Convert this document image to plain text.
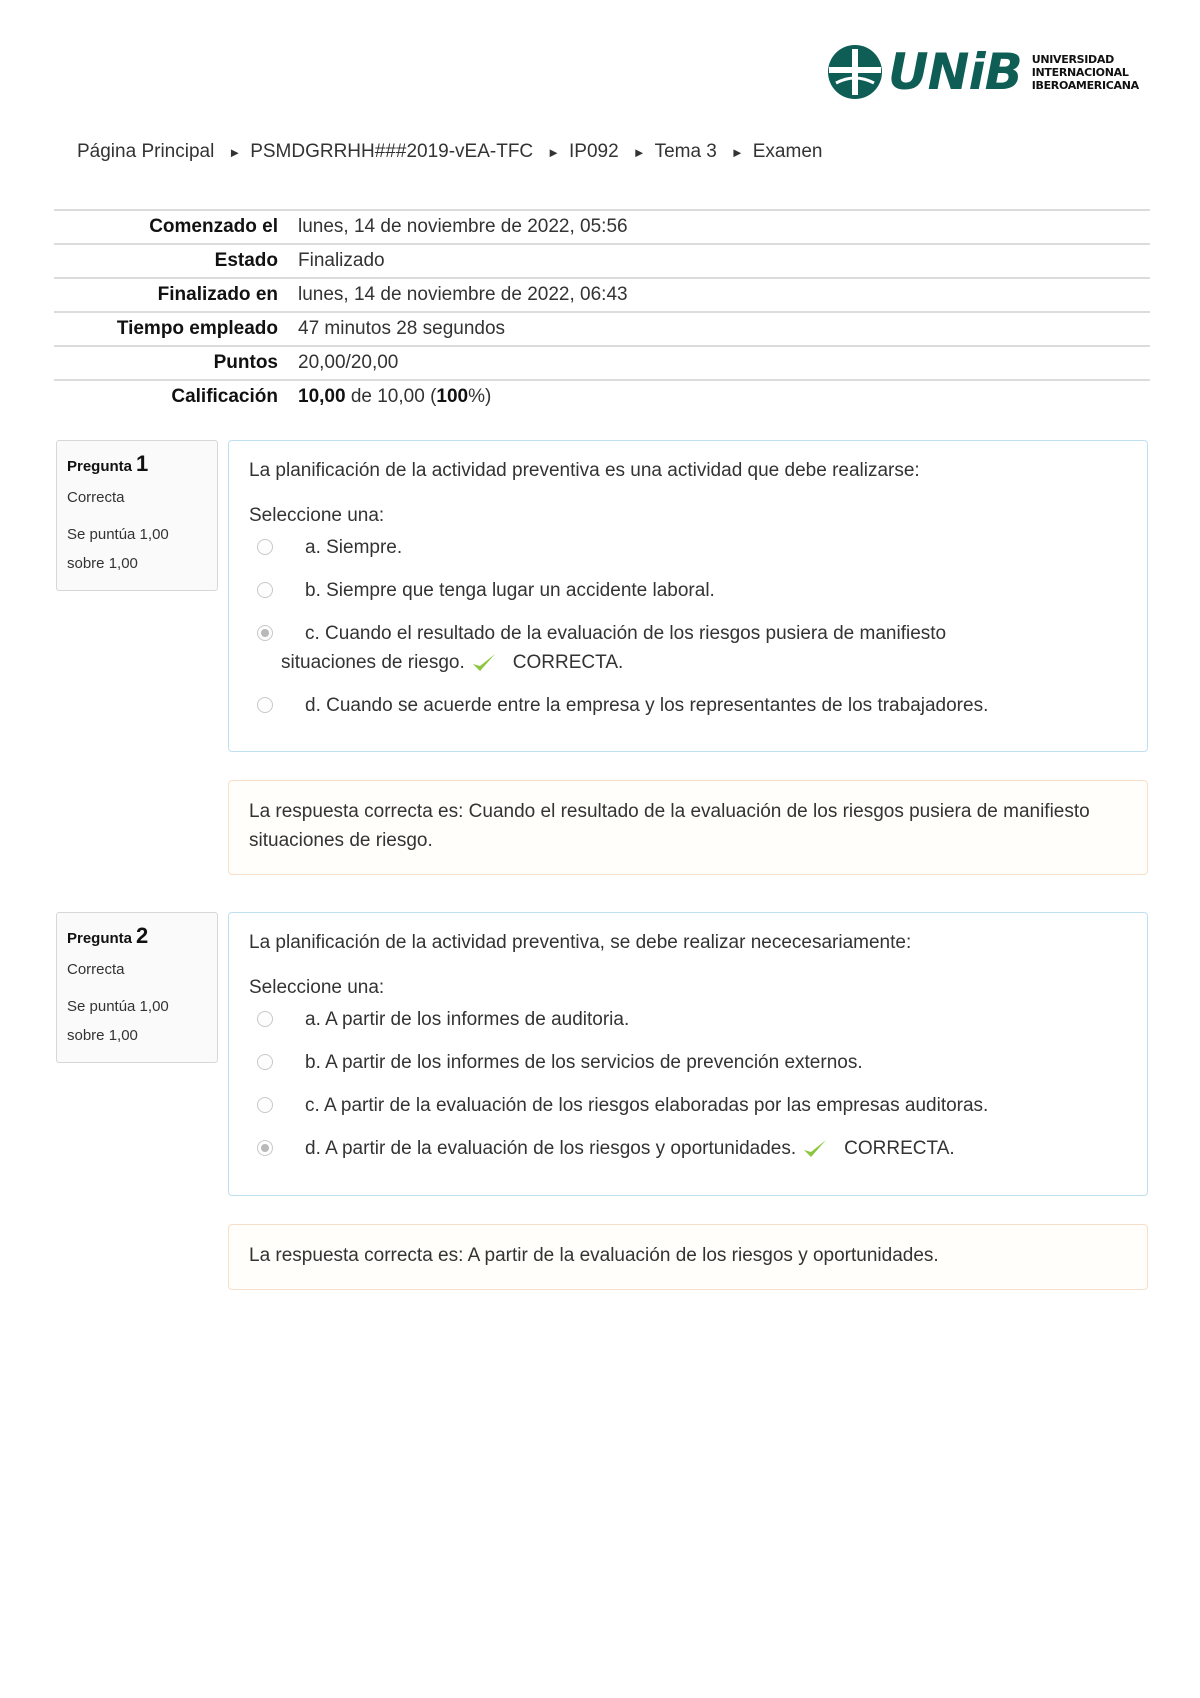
UNiB UNIVERSIDAD
INTERNACIONAL
IBEROAMERICANA
Página Principal ► PSMDGRRHH###2019-vEA-TFC ► IP092 ► Tema 3 ► Examen
Comenzado el	lunes, 14 de noviembre de 2022, 05:56
Estado	Finalizado
Finalizado en	lunes, 14 de noviembre de 2022, 06:43
Tiempo empleado	47 minutos 28 segundos
Puntos	20,00/20,00
Calificación	10,00 de 10,00 (100%)
Pregunta 1
Correcta
Se puntúa 1,00 sobre 1,00
La planificación de la actividad preventiva es una actividad que debe realizarse:
Seleccione una:
a. Siempre.
b. Siempre que tenga lugar un accidente laboral.
c. Cuando el resultado de la evaluación de los riesgos pusiera de manifiesto
situaciones de riesgo.	CORRECTA.
d. Cuando se acuerde entre la empresa y los representantes de los trabajadores.
La respuesta correcta es: Cuando el resultado de la evaluación de los riesgos pusiera de manifiesto situaciones de riesgo.
Pregunta 2
Correcta
Se puntúa 1,00 sobre 1,00
La planificación de la actividad preventiva, se debe realizar nececesariamente:
Seleccione una:
a. A partir de los informes de auditoria.
b. A partir de los informes de los servicios de prevención externos.
c. A partir de la evaluación de los riesgos elaboradas por las empresas auditoras.
d. A partir de la evaluación de los riesgos y oportunidades.	CORRECTA.
La respuesta correcta es: A partir de la evaluación de los riesgos y oportunidades.
